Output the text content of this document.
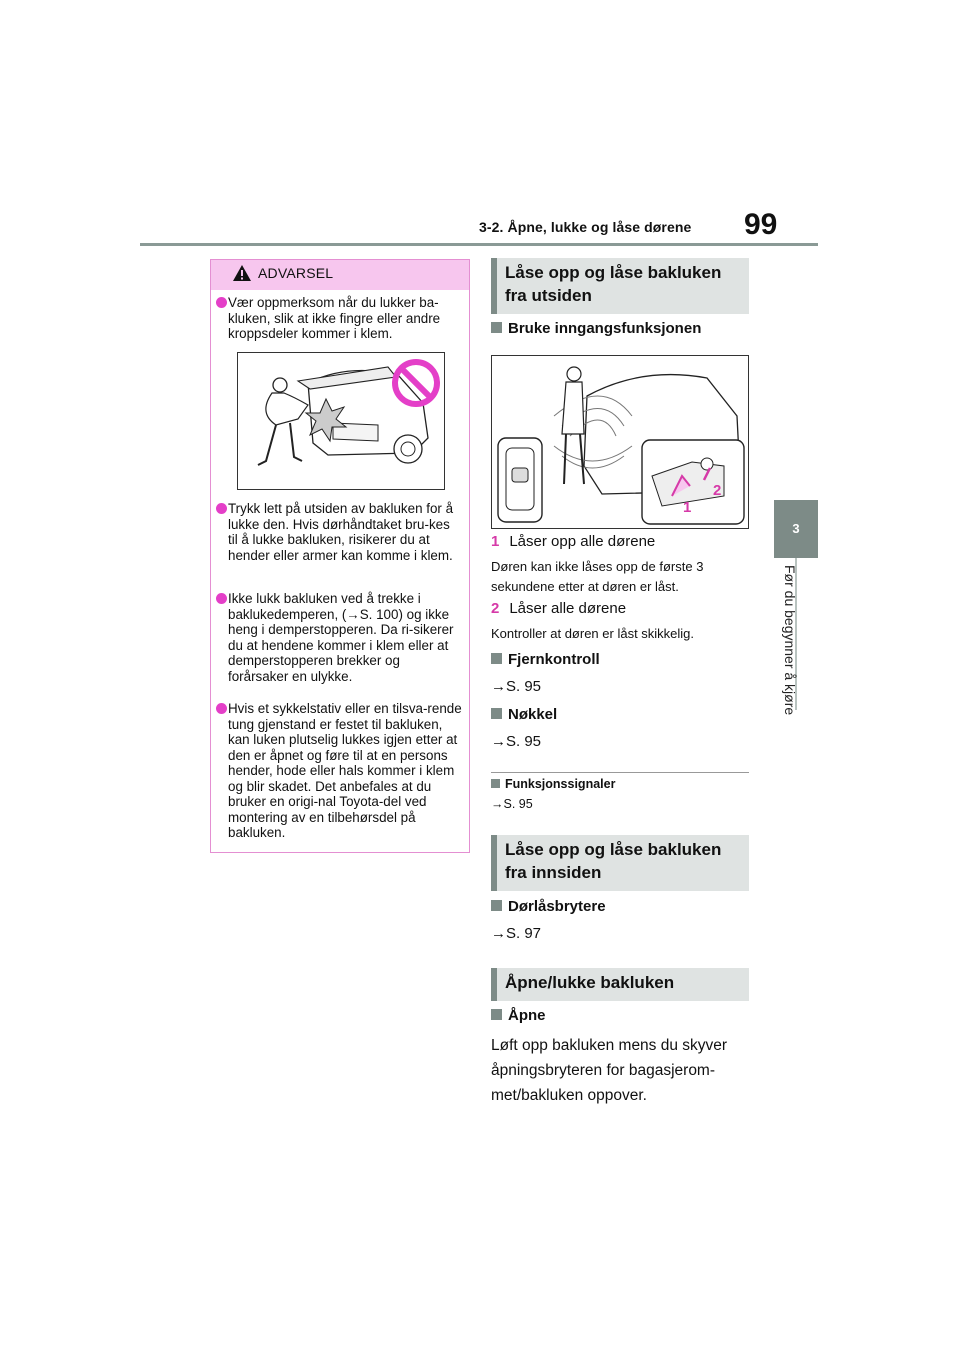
3-2. Åpne, lukke og låse dørene 99
3
Før du begynner å kjøre
ADVARSEL
Vær oppmerksom når du lukker ba-kluken, slik at ikke fingre eller andre kroppsdeler kommer i klem.
Trykk lett på utsiden av bakluken for å lukke den. Hvis dørhåndtaket bru-kes til å lukke bakluken, risikerer du at hender eller armer kan komme i klem.
Ikke lukk bakluken ved å trekke i baklukedemperen, (→S. 100) og ikke heng i demperstopperen. Da ri-sikerer du at hendene kommer i klem eller at demperstopperen brekker og forårsaker en ulykke.
Hvis et sykkelstativ eller en tilsva-rende tung gjenstand er festet til bakluken, kan luken plutselig lukkes igjen etter at den er åpnet og føre til at en persons hender, hode eller hals kommer i klem og blir skadet. Det anbefales at du bruker en origi-nal Toyota-del ved montering av en tilbehørsdel på bakluken.
Låse opp og låse bakluken
fra utsiden
Bruke inngangsfunksjonen
1
2
1 Låser opp alle dørene
Døren kan ikke låses opp de første 3 sekundene etter at døren er låst.
2 Låser alle dørene
Kontroller at døren er låst skikkelig.
Fjernkontroll
→S. 95
Nøkkel
→S. 95
Funksjonssignaler
→S. 95
Låse opp og låse bakluken
fra innsiden
Dørlåsbrytere
→S. 97
Åpne/lukke bakluken
Åpne
Løft opp bakluken mens du skyver
åpningsbryteren for bagasjerom-
met/bakluken oppover.
